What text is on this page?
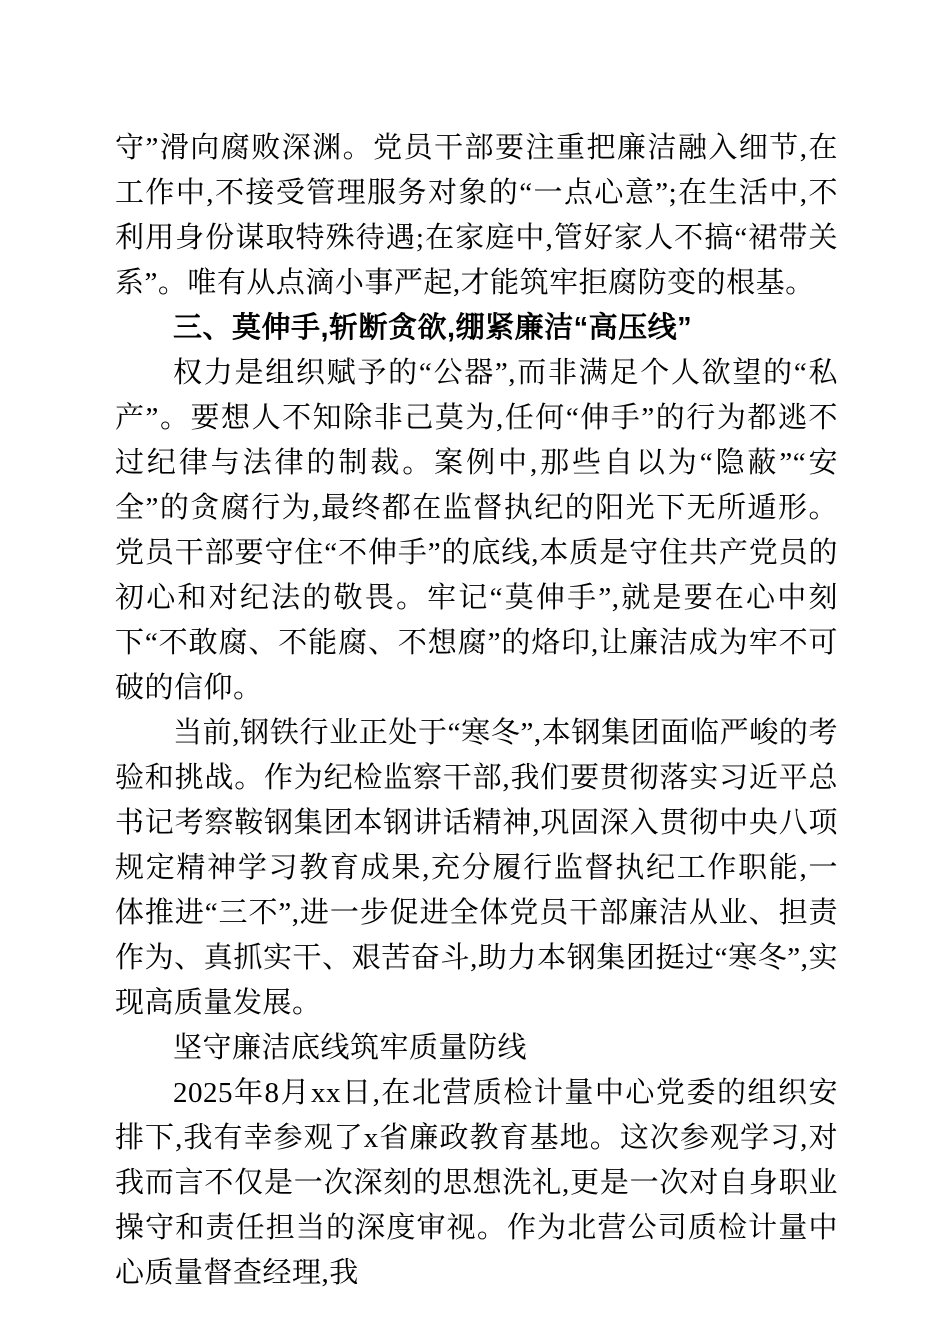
守”滑向腐败深渊。党员干部要注重把廉洁融入细节,在工作中,不接受管理服务对象的“一点心意”;在生活中,不利用身份谋取特殊待遇;在家庭中,管好家人不搞“裙带关系”。唯有从点滴小事严起,才能筑牢拒腐防变的根基。

三、莫伸手,斩断贪欲,绷紧廉洁“高压线”

权力是组织赋予的“公器”,而非满足个人欲望的“私产”。要想人不知除非己莫为,任何“伸手”的行为都逃不过纪律与法律的制裁。案例中,那些自以为“隐蔽”“安全”的贪腐行为,最终都在监督执纪的阳光下无所遁形。党员干部要守住“不伸手”的底线,本质是守住共产党员的初心和对纪法的敬畏。牢记“莫伸手”,就是要在心中刻下“不敢腐、不能腐、不想腐”的烙印,让廉洁成为牢不可破的信仰。

当前,钢铁行业正处于“寒冬”,本钢集团面临严峻的考验和挑战。作为纪检监察干部,我们要贯彻落实习近平总书记考察鞍钢集团本钢讲话精神,巩固深入贯彻中央八项规定精神学习教育成果,充分履行监督执纪工作职能,一体推进“三不”,进一步促进全体党员干部廉洁从业、担责作为、真抓实干、艰苦奋斗,助力本钢集团挺过“寒冬”,实现高质量发展。

坚守廉洁底线筑牢质量防线

2025年8月xx日,在北营质检计量中心党委的组织安排下,我有幸参观了x省廉政教育基地。这次参观学习,对我而言不仅是一次深刻的思想洗礼,更是一次对自身职业操守和责任担当的深度审视。作为北营公司质检计量中心质量督查经理,我
